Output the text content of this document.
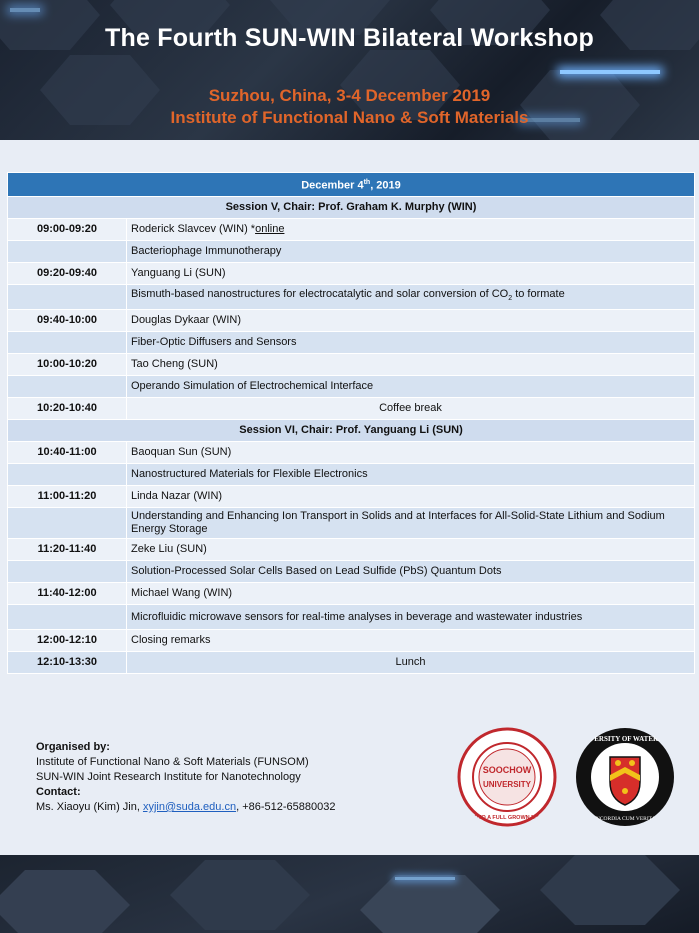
The Fourth SUN-WIN Bilateral Workshop
Suzhou, China, 3-4 December 2019
Institute of Functional Nano & Soft Materials
December 4th, 2019	
Session V, Chair: Prof. Graham K. Murphy (WIN)	
09:00-09:20	Roderick Slavcev (WIN) *online
	Bacteriophage Immunotherapy
09:20-09:40	Yanguang Li (SUN)
	Bismuth-based nanostructures for electrocatalytic and solar conversion of $CO_2$ to formate
09:40-10:00	Douglas Dykaar (WIN)
	Fiber-Optic Diffusers and Sensors
10:00-10:20	Tao Cheng (SUN)
	Operando Simulation of Electrochemical Interface
10:20-10:40	Coffee break
Session VI, Chair: Prof. Yanguang Li (SUN)	
10:40-11:00	Baoquan Sun (SUN)
	Nanostructured Materials for Flexible Electronics
11:00-11:20	Linda Nazar (WIN)
	Understanding and Enhancing Ion Transport in Solids and at Interfaces for All-Solid-State Lithium and Sodium Energy Storage
11:20-11:40	Zeke Liu (SUN)
	Solution-Processed Solar Cells Based on Lead Sulfide (PbS) Quantum Dots
11:40-12:00	Michael Wang (WIN)
	Microfluidic microwave sensors for real-time analyses in beverage and wastewater industries
12:00-12:10	Closing remarks
12:10-13:30	Lunch
Organised by:
Institute of Functional Nano & Soft Materials (FUNSOM)
SUN-WIN Joint Research Institute for Nanotechnology
Contact:
Ms. Xiaoyu (Kim) Jin, xyjin@suda.edu.cn, +86-512-65880032
SOOCHOW
UNIVERSITY
UNTO A FULL GROWN MAN
UNIVERSITY OF WATERLOO
CONCORDIA CUM VERITATE
